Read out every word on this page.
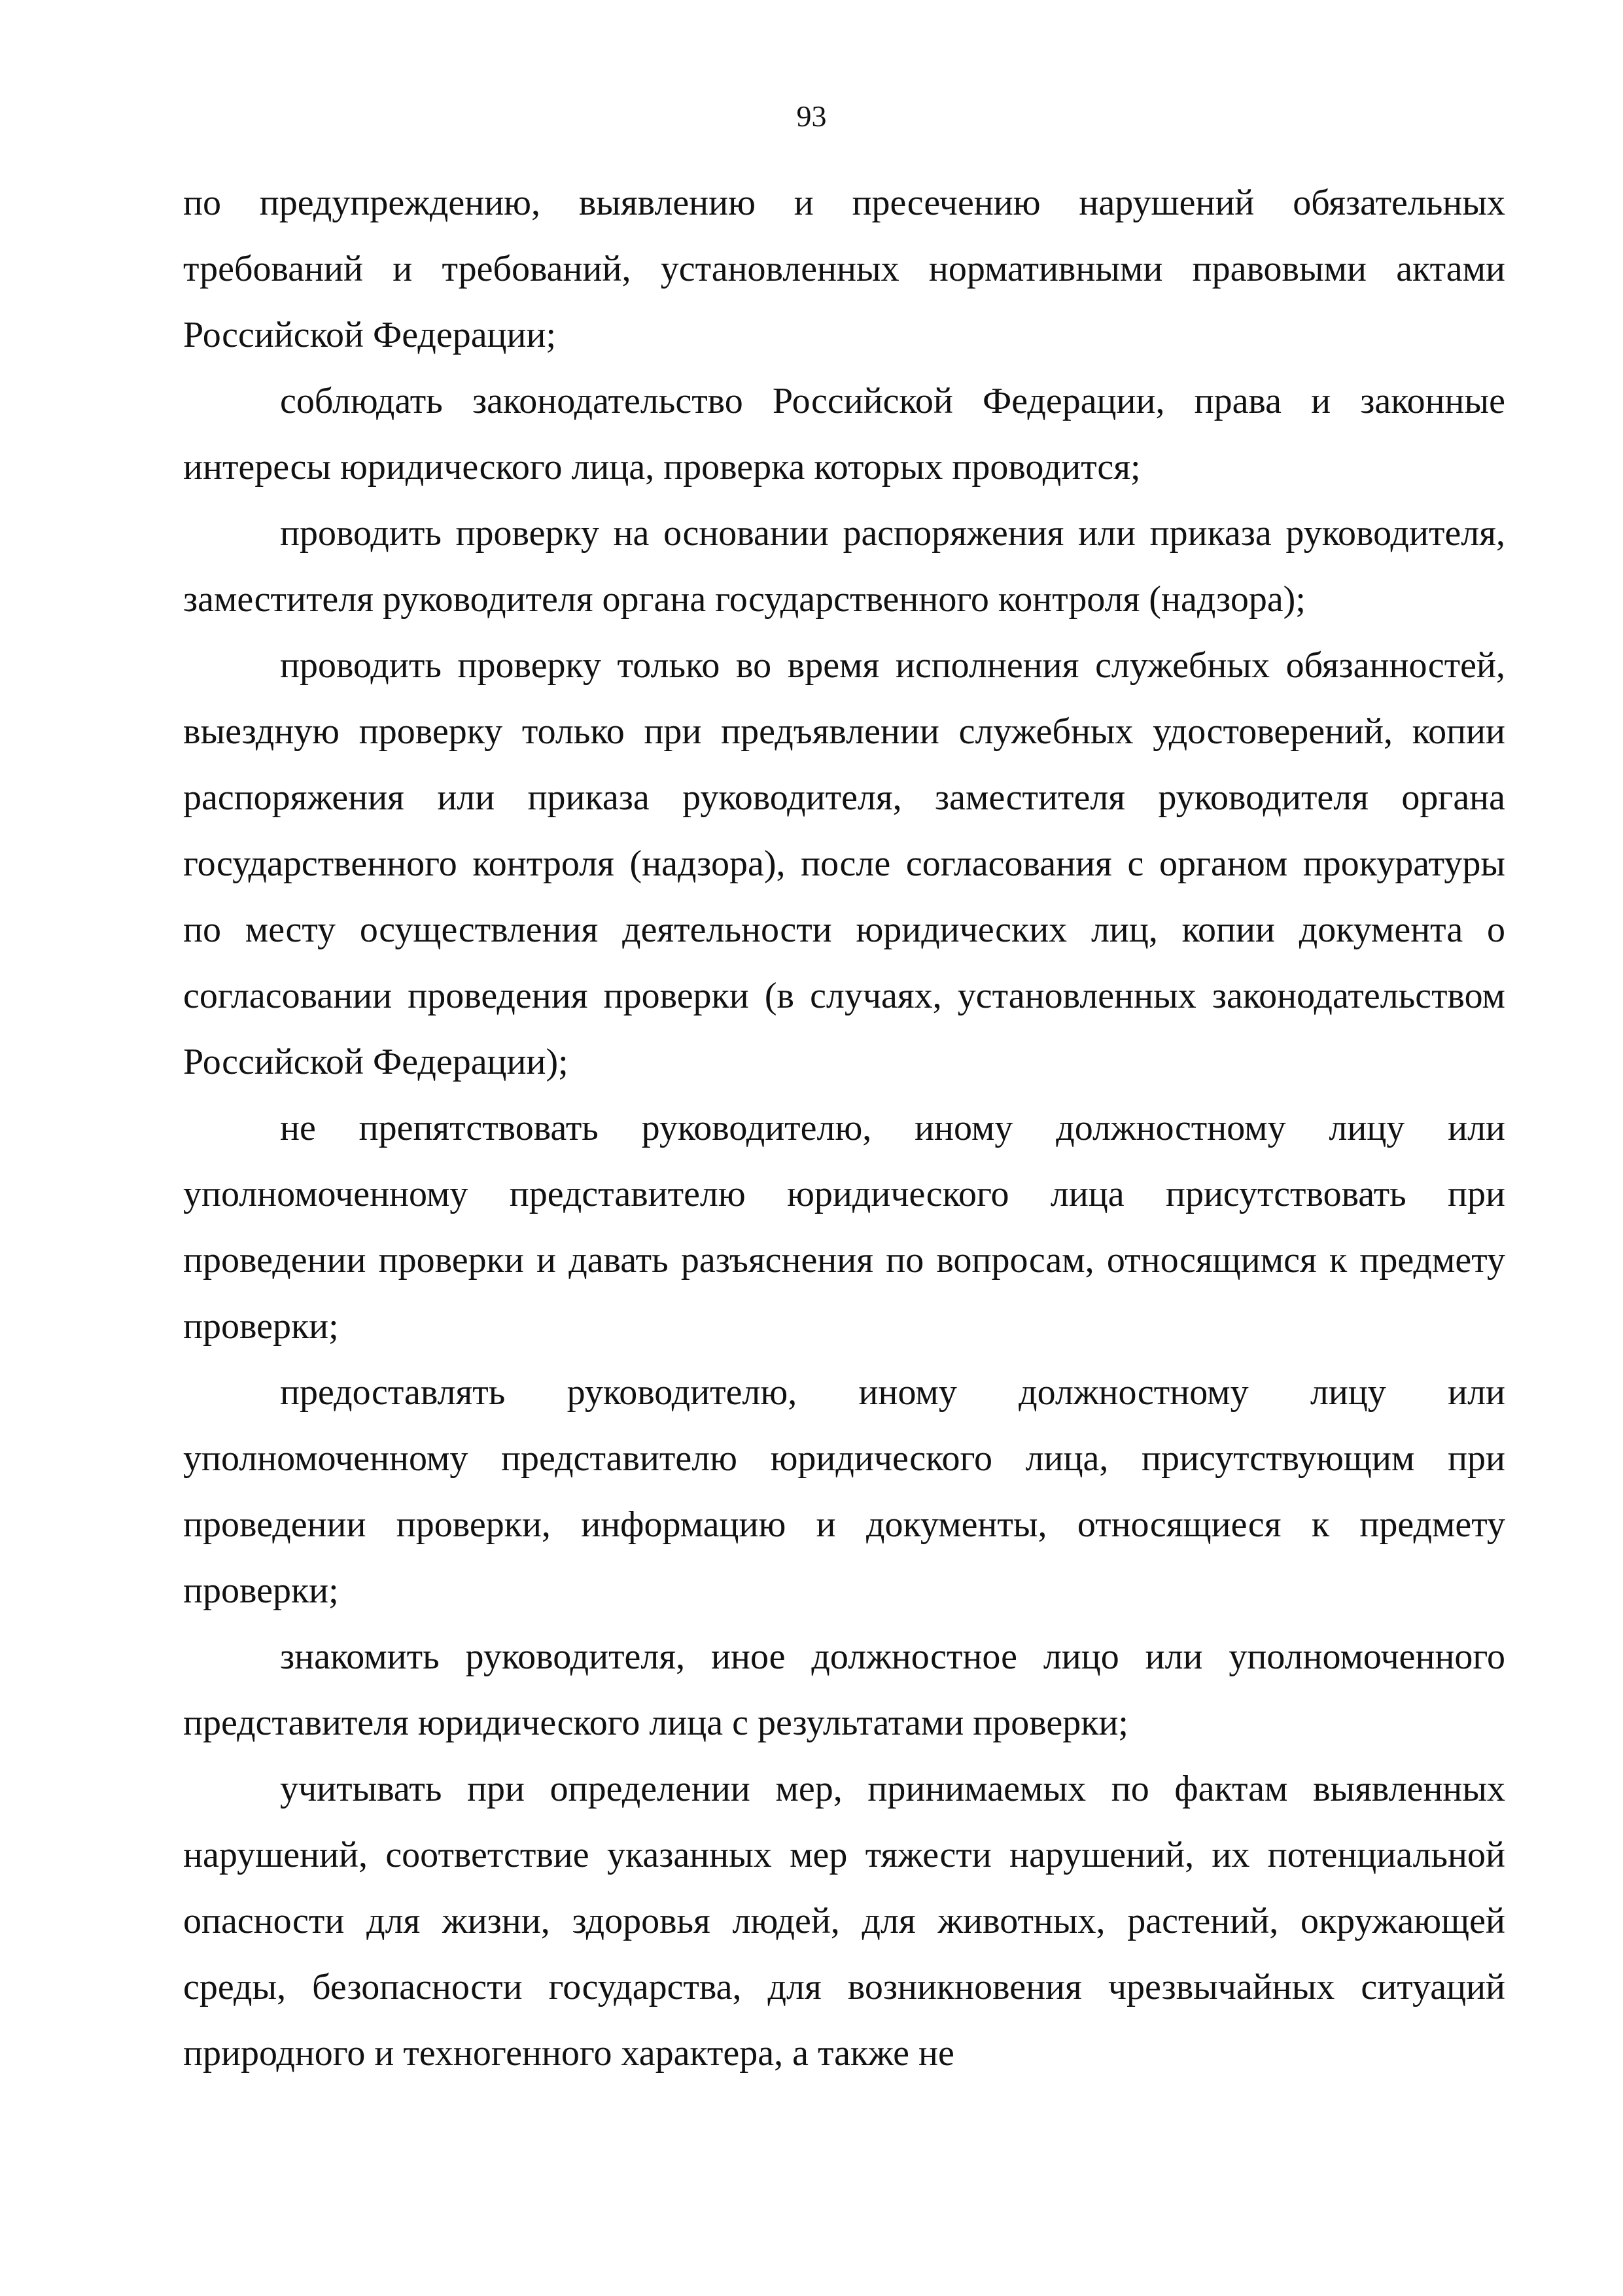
93

по предупреждению, выявлению и пресечению нарушений обязательных требований и требований, установленных нормативными правовыми актами Российской Федерации;

соблюдать законодательство Российской Федерации, права и законные интересы юридического лица, проверка которых проводится;

проводить проверку на основании распоряжения или приказа руководителя, заместителя руководителя органа государственного контроля (надзора);

проводить проверку только во время исполнения служебных обязанностей, выездную проверку только при предъявлении служебных удостоверений, копии распоряжения или приказа руководителя, заместителя руководителя органа государственного контроля (надзора), после согласования с органом прокуратуры по месту осуществления деятельности юридических лиц, копии документа о согласовании проведения проверки (в случаях, установленных законодательством Российской Федерации);

не препятствовать руководителю, иному должностному лицу или уполномоченному представителю юридического лица присутствовать при проведении проверки и давать разъяснения по вопросам, относящимся к предмету проверки;

предоставлять руководителю, иному должностному лицу или уполномоченному представителю юридического лица, присутствующим при проведении проверки, информацию и документы, относящиеся к предмету проверки;

знакомить руководителя, иное должностное лицо или уполномоченного представителя юридического лица с результатами проверки;

учитывать при определении мер, принимаемых по фактам выявленных нарушений, соответствие указанных мер тяжести нарушений, их потенциальной опасности для жизни, здоровья людей, для животных, растений, окружающей среды, безопасности государства, для возникновения чрезвычайных ситуаций природного и техногенного характера, а также не
